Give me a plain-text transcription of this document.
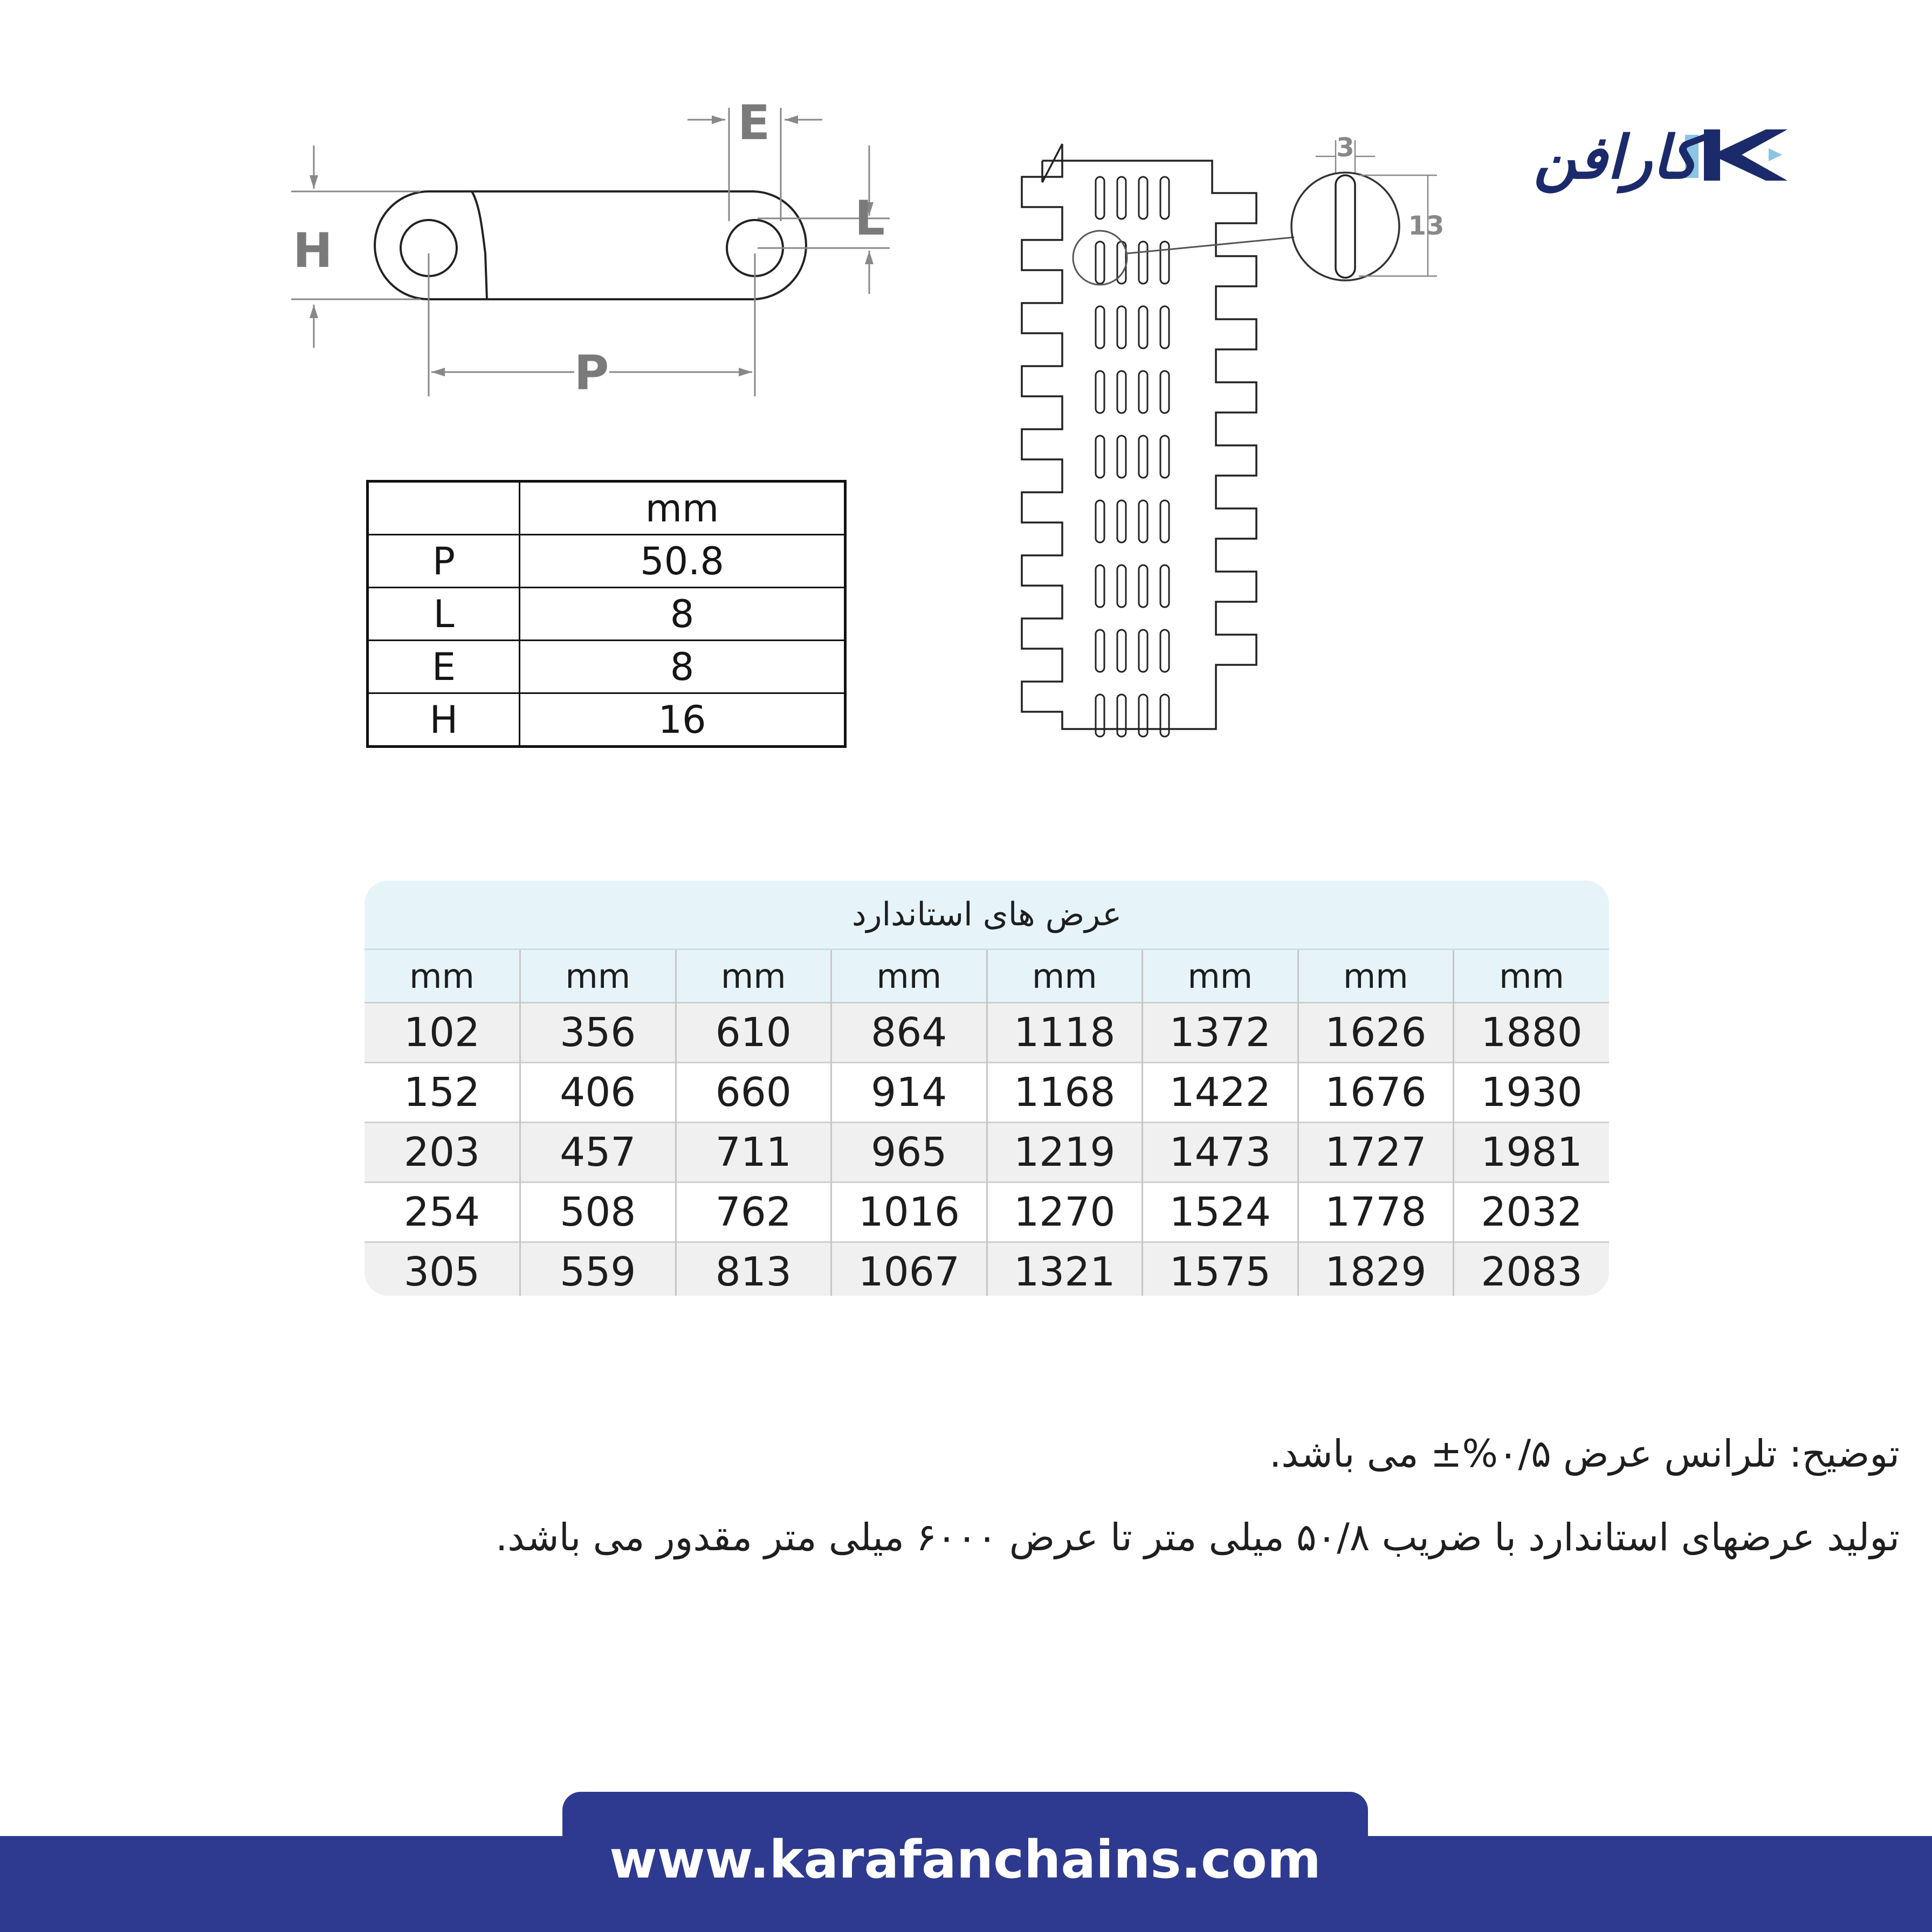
H
L
E
P
3
13
کارافن
	mm
P	50.8
L	8
E	8
H	16
عرض های استاندارد
mm	mm	mm	mm	mm	mm	mm	mm
102	356	610	864	1118	1372	1626	1880
152	406	660	914	1168	1422	1676	1930
203	457	711	965	1219	1473	1727	1981
254	508	762	1016	1270	1524	1778	2032
305	559	813	1067	1321	1575	1829	2083
توضیح: تلرانس عرض ۰/۵%± می باشد.
تولید عرضهای استاندارد با ضریب ۵۰/۸ میلی متر تا عرض ۶۰۰۰ میلی متر مقدور می باشد.
www.karafanchains.com
